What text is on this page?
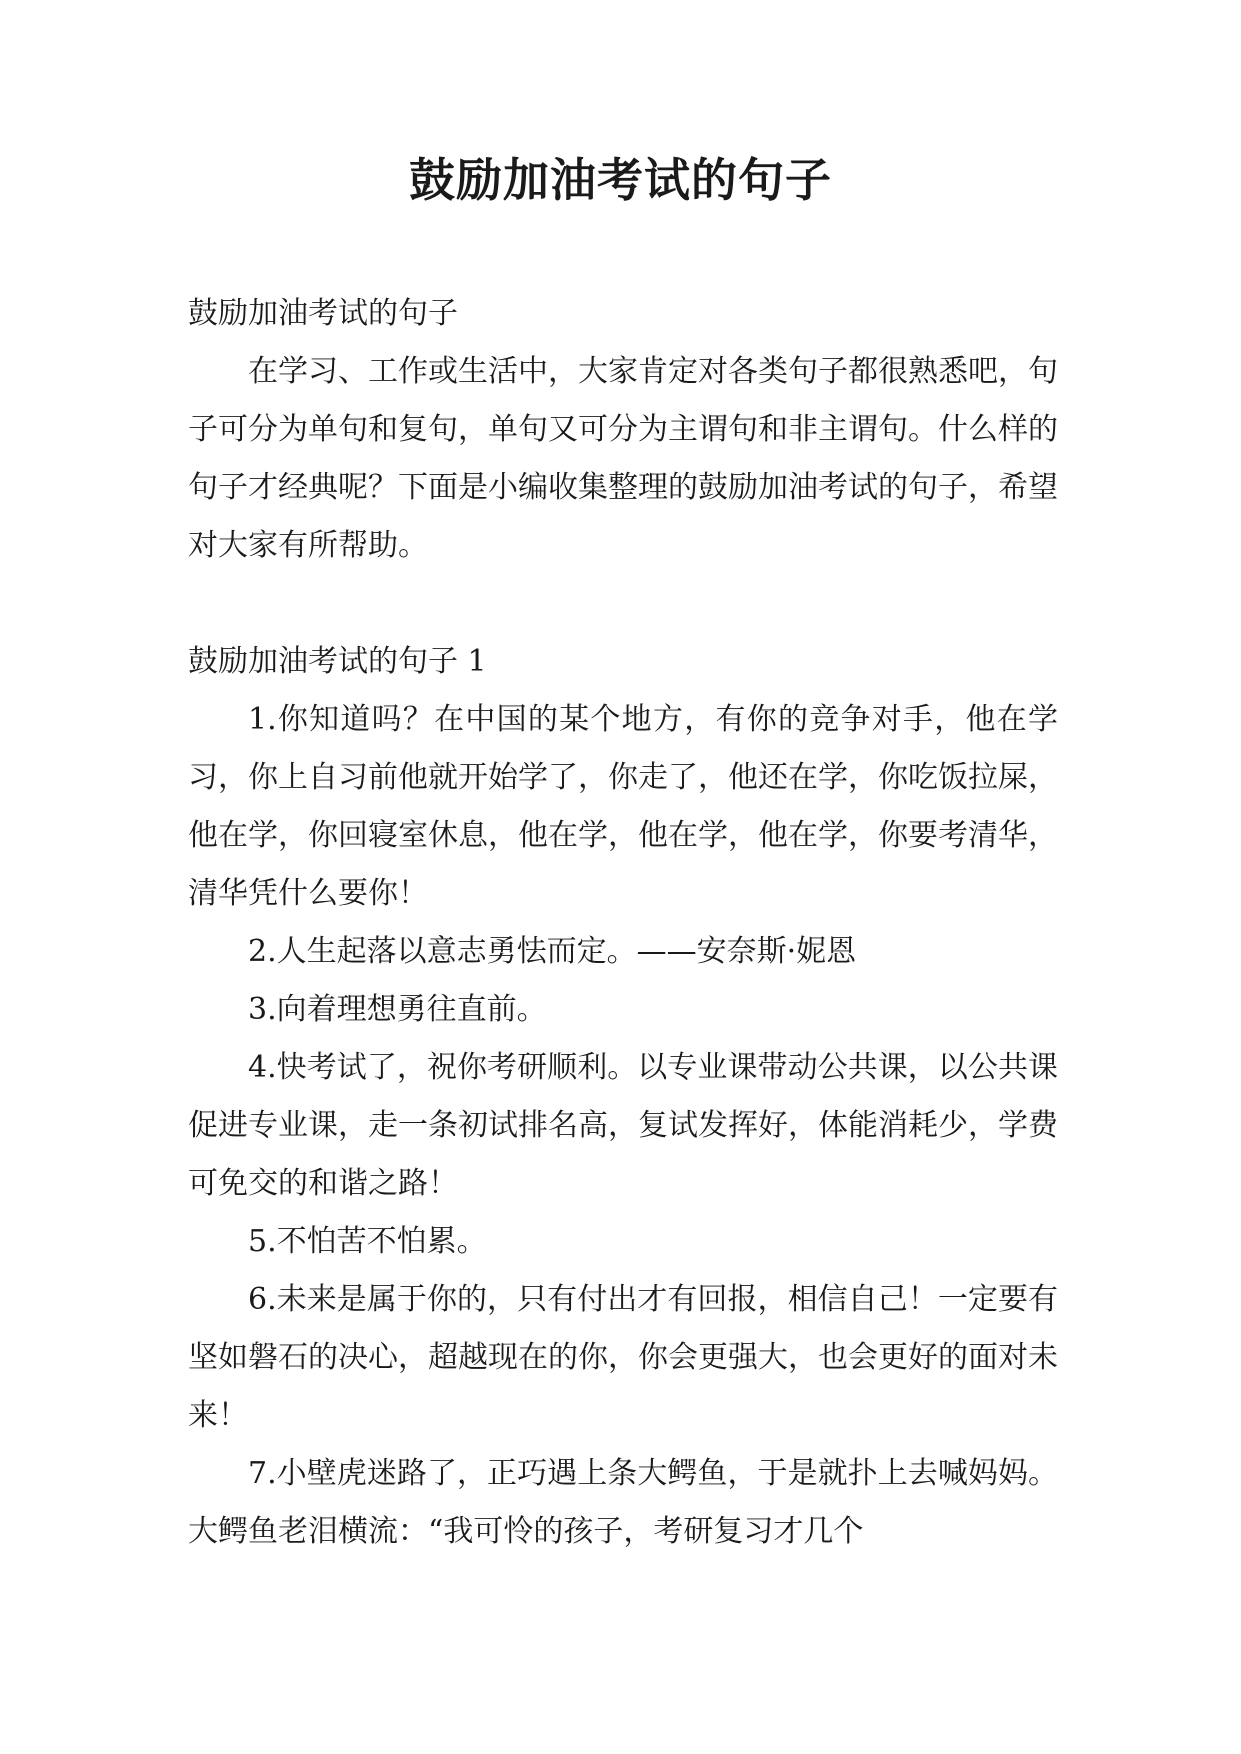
鼓励加油考试的句子

鼓励加油考试的句子

在学习、工作或生活中，大家肯定对各类句子都很熟悉吧，句子可分为单句和复句，单句又可分为主谓句和非主谓句。什么样的句子才经典呢？下面是小编收集整理的鼓励加油考试的句子，希望对大家有所帮助。

鼓励加油考试的句子 1

1.你知道吗？在中国的某个地方，有你的竞争对手，他在学习，你上自习前他就开始学了，你走了，他还在学，你吃饭拉屎，他在学，你回寝室休息，他在学，他在学，他在学，你要考清华，清华凭什么要你！

2.人生起落以意志勇怯而定。——安奈斯·妮恩

3.向着理想勇往直前。

4.快考试了，祝你考研顺利。以专业课带动公共课，以公共课促进专业课，走一条初试排名高，复试发挥好，体能消耗少，学费可免交的和谐之路！

5.不怕苦不怕累。

6.未来是属于你的，只有付出才有回报，相信自己！一定要有坚如磐石的决心，超越现在的你，你会更强大，也会更好的面对未来！

7.小壁虎迷路了，正巧遇上条大鳄鱼，于是就扑上去喊妈妈。大鳄鱼老泪横流：“我可怜的孩子，考研复习才几个
